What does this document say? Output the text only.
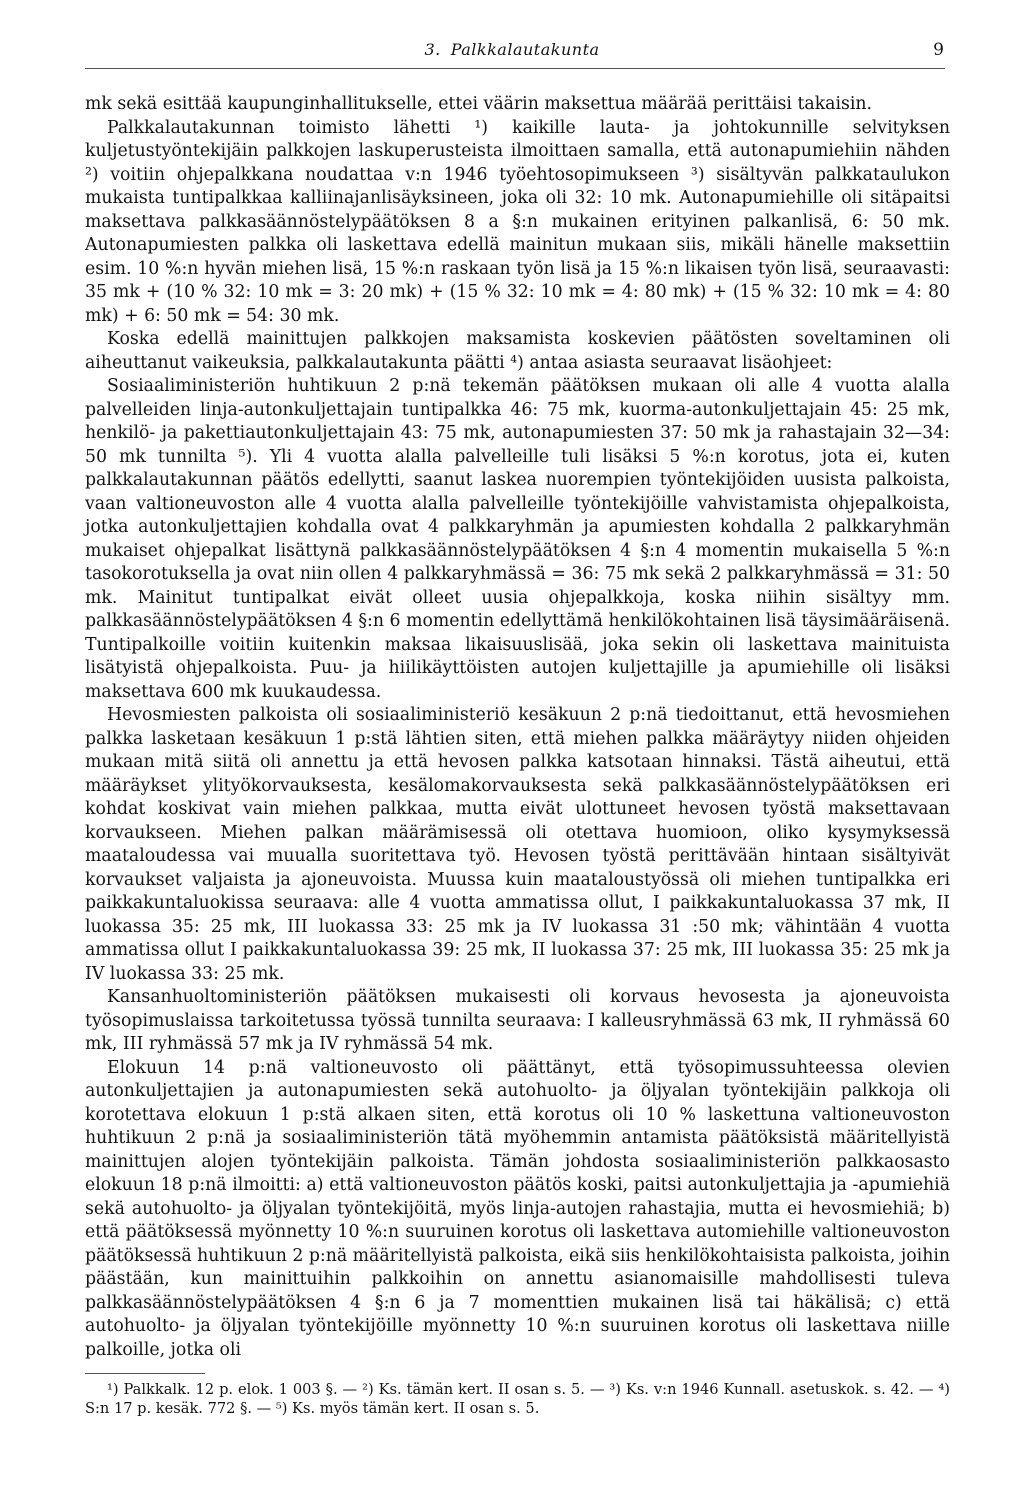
3. Palkkalautakunta	9

mk sekä esittää kaupunginhallitukselle, ettei väärin maksettua määrää perittäisi takaisin.

Palkkalautakunnan toimisto lähetti ¹) kaikille lauta- ja johtokunnille selvityksen kuljetustyöntekijäin palkkojen laskuperusteista ilmoittaen samalla, että autonapumiehiin nähden ²) voitiin ohjepalkkana noudattaa v:n 1946 työehtosopimukseen ³) sisältyvän palkkataulukon mukaista tuntipalkkaa kalliinajanlisäyksineen, joka oli 32: 10 mk. Autonapumiehille oli sitäpaitsi maksettava palkkasäännöstelypäätöksen 8 a §:n mukainen erityinen palkanlisä, 6: 50 mk. Autonapumiesten palkka oli laskettava edellä mainitun mukaan siis, mikäli hänelle maksettiin esim. 10 %:n hyvän miehen lisä, 15 %:n raskaan työn lisä ja 15 %:n likaisen työn lisä, seuraavasti: 35 mk + (10 % 32: 10 mk = 3: 20 mk) + (15 % 32: 10 mk = 4: 80 mk) + (15 % 32: 10 mk = 4: 80 mk) + 6: 50 mk = 54: 30 mk.

Koska edellä mainittujen palkkojen maksamista koskevien päätösten soveltaminen oli aiheuttanut vaikeuksia, palkkalautakunta päätti ⁴) antaa asiasta seuraavat lisäohjeet:

Sosiaaliministeriön huhtikuun 2 p:nä tekemän päätöksen mukaan oli alle 4 vuotta alalla palvelleiden linja-autonkuljettajain tuntipalkka 46: 75 mk, kuorma-autonkuljettajain 45: 25 mk, henkilö- ja pakettiautonkuljettajain 43: 75 mk, autonapumiesten 37: 50 mk ja rahastajain 32—34: 50 mk tunnilta ⁵). Yli 4 vuotta alalla palvelleille tuli lisäksi 5 %:n korotus, jota ei, kuten palkkalautakunnan päätös edellytti, saanut laskea nuorempien työntekijöiden uusista palkoista, vaan valtioneuvoston alle 4 vuotta alalla palvelleille työntekijöille vahvistamista ohjepalkoista, jotka autonkuljettajien kohdalla ovat 4 palkkaryhmän ja apumiesten kohdalla 2 palkkaryhmän mukaiset ohjepalkat lisättynä palkkasäännöstelypäätöksen 4 §:n 4 momentin mukaisella 5 %:n tasokorotuksella ja ovat niin ollen 4 palkkaryhmässä = 36: 75 mk sekä 2 palkkaryhmässä = 31: 50 mk. Mainitut tuntipalkat eivät olleet uusia ohjepalkkoja, koska niihin sisältyy mm. palkkasäännöstelypäätöksen 4 §:n 6 momentin edellyttämä henkilökohtainen lisä täysimääräisenä. Tuntipalkoille voitiin kuitenkin maksaa likaisuuslisää, joka sekin oli laskettava mainituista lisätyistä ohjepalkoista. Puu- ja hiilikäyttöisten autojen kuljettajille ja apumiehille oli lisäksi maksettava 600 mk kuukaudessa.

Hevosmiesten palkoista oli sosiaaliministeriö kesäkuun 2 p:nä tiedoittanut, että hevosmiehen palkka lasketaan kesäkuun 1 p:stä lähtien siten, että miehen palkka määräytyy niiden ohjeiden mukaan mitä siitä oli annettu ja että hevosen palkka katsotaan hinnaksi. Tästä aiheutui, että määräykset ylityökorvauksesta, kesälomakorvauksesta sekä palkkasäännöstelypäätöksen eri kohdat koskivat vain miehen palkkaa, mutta eivät ulottuneet hevosen työstä maksettavaan korvaukseen. Miehen palkan määrämisessä oli otettava huomioon, oliko kysymyksessä maataloudessa vai muualla suoritettava työ. Hevosen työstä perittävään hintaan sisältyivät korvaukset valjaista ja ajoneuvoista. Muussa kuin maataloustyössä oli miehen tuntipalkka eri paikkakuntaluokissa seuraava: alle 4 vuotta ammatissa ollut, I paikkakuntaluokassa 37 mk, II luokassa 35: 25 mk, III luokassa 33: 25 mk ja IV luokassa 31 :50 mk; vähintään 4 vuotta ammatissa ollut I paikkakuntaluokassa 39: 25 mk, II luokassa 37: 25 mk, III luokassa 35: 25 mk ja IV luokassa 33: 25 mk.

Kansanhuoltoministeriön päätöksen mukaisesti oli korvaus hevosesta ja ajoneuvoista työsopimuslaissa tarkoitetussa työssä tunnilta seuraava: I kalleusryhmässä 63 mk, II ryhmässä 60 mk, III ryhmässä 57 mk ja IV ryhmässä 54 mk.

Elokuun 14 p:nä valtioneuvosto oli päättänyt, että työsopimussuhteessa olevien autonkuljettajien ja autonapumiesten sekä autohuolto- ja öljyalan työntekijäin palkkoja oli korotettava elokuun 1 p:stä alkaen siten, että korotus oli 10 % laskettuna valtioneuvoston huhtikuun 2 p:nä ja sosiaaliministeriön tätä myöhemmin antamista päätöksistä määritellyistä mainittujen alojen työntekijäin palkoista. Tämän johdosta sosiaaliministeriön palkkaosasto elokuun 18 p:nä ilmoitti: a) että valtioneuvoston päätös koski, paitsi autonkuljettajia ja -apumiehiä sekä autohuolto- ja öljyalan työntekijöitä, myös linja-autojen rahastajia, mutta ei hevosmiehiä; b) että päätöksessä myönnetty 10 %:n suuruinen korotus oli laskettava automiehille valtioneuvoston päätöksessä huhtikuun 2 p:nä määritellyistä palkoista, eikä siis henkilökohtaisista palkoista, joihin päästään, kun mainittuihin palkkoihin on annettu asianomaisille mahdollisesti tuleva palkkasäännöstelypäätöksen 4 §:n 6 ja 7 momenttien mukainen lisä tai häkälisä; c) että autohuolto- ja öljyalan työntekijöille myönnetty 10 %:n suuruinen korotus oli laskettava niille palkoille, jotka oli

¹) Palkkalk. 12 p. elok. 1 003 §. — ²) Ks. tämän kert. II osan s. 5. — ³) Ks. v:n 1946 Kunnall. asetuskok. s. 42. — ⁴) S:n 17 p. kesäk. 772 §. — ⁵) Ks. myös tämän kert. II osan s. 5.
